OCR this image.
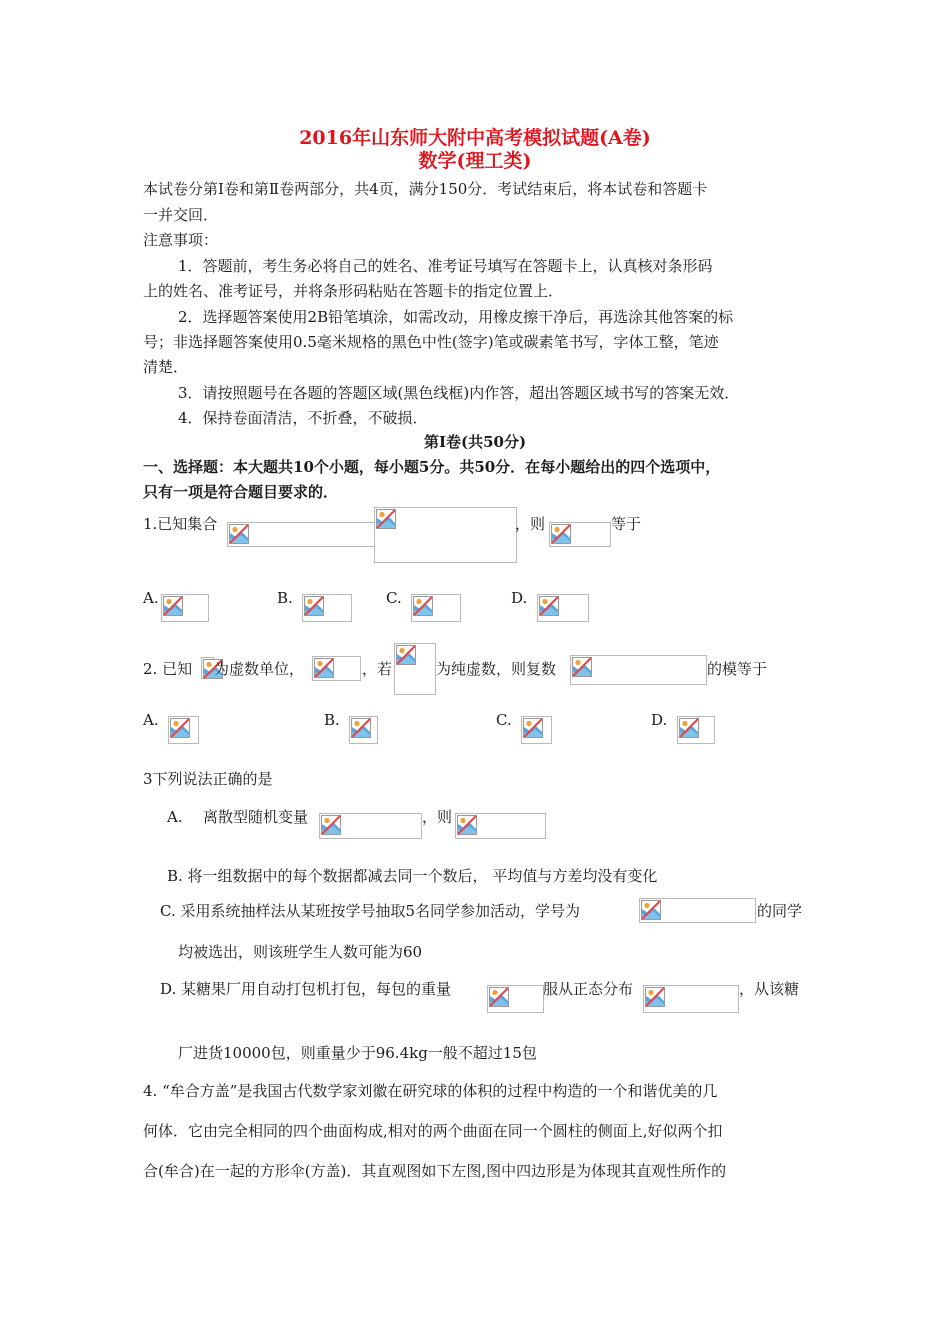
2016年山东师大附中高考模拟试题(A卷)
数学(理工类)
本试卷分第Ⅰ卷和第Ⅱ卷两部分，共4页，满分150分．考试结束后，将本试卷和答题卡
一并交回．
注意事项：
1．答题前，考生务必将自己的姓名、准考证号填写在答题卡上，认真核对条形码
上的姓名、准考证号，并将条形码粘贴在答题卡的指定位置上．
2．选择题答案使用2B铅笔填涂，如需改动，用橡皮擦干净后，再选涂其他答案的标
号；非选择题答案使用0.5毫米规格的黑色中性(签字)笔或碳素笔书写，字体工整，笔迹
清楚．
3．请按照题号在各题的答题区域(黑色线框)内作答，超出答题区域书写的答案无效．
4．保持卷面清洁，不折叠，不破损．
第Ⅰ卷(共50分)
一、选择题：本大题共10个小题，每小题5分。共50分．在每小题给出的四个选项中，
只有一项是符合题目要求的．
1.已知集合	，则	等于
A.	B.	C.	D.
2. 已知 为虚数单位，	，若	为纯虚数，则复数	的模等于
A.	B.	C.	D.
3下列说法正确的是
A. 离散型随机变量	，则
B. 将一组数据中的每个数据都减去同一个数后， 平均值与方差均没有变化
C. 采用系统抽样法从某班按学号抽取5名同学参加活动，学号为	的同学
均被选出，则该班学生人数可能为60
D. 某糖果厂用自动打包机打包，每包的重量	服从正态分布	，从该糖
厂进货10000包，则重量少于96.4kg一般不超过15包
4. “牟合方盖”是我国古代数学家刘徽在研究球的体积的过程中构造的一个和谐优美的几
何体．它由完全相同的四个曲面构成,相对的两个曲面在同一个圆柱的侧面上,好似两个扣
合(牟合)在一起的方形伞(方盖)．其直观图如下左图,图中四边形是为体现其直观性所作的
